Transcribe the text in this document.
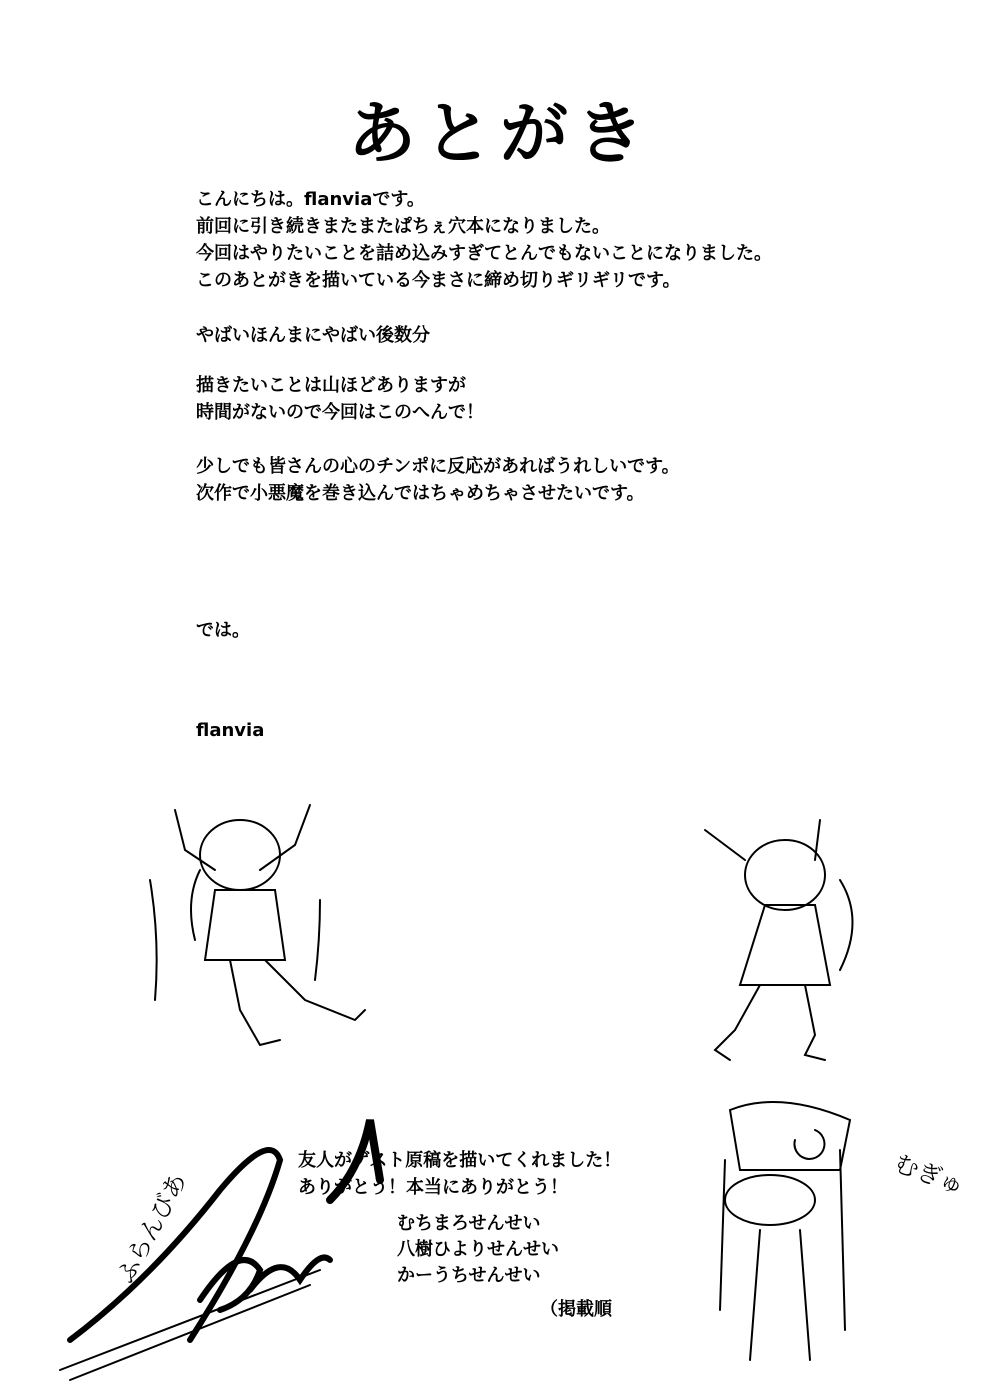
あとがき
こんにちは。flanviaです。
前回に引き続きまたまたぱちぇ穴本になりました。
今回はやりたいことを詰め込みすぎてとんでもないことになりました。
このあとがきを描いている今まさに締め切りギリギリです。
やばいほんまにやばい後数分
描きたいことは山ほどありますが
時間がないので今回はこのへんで！
少しでも皆さんの心のチンポに反応があればうれしいです。
次作で小悪魔を巻き込んではちゃめちゃさせたいです。
では。
flanvia
ふらんびあ	むぎゅ
友人がゲスト原稿を描いてくれました！
ありがとう！本当にありがとう！
むちまろせんせい
八樹ひよりせんせい
かーうちせんせい
（掲載順
